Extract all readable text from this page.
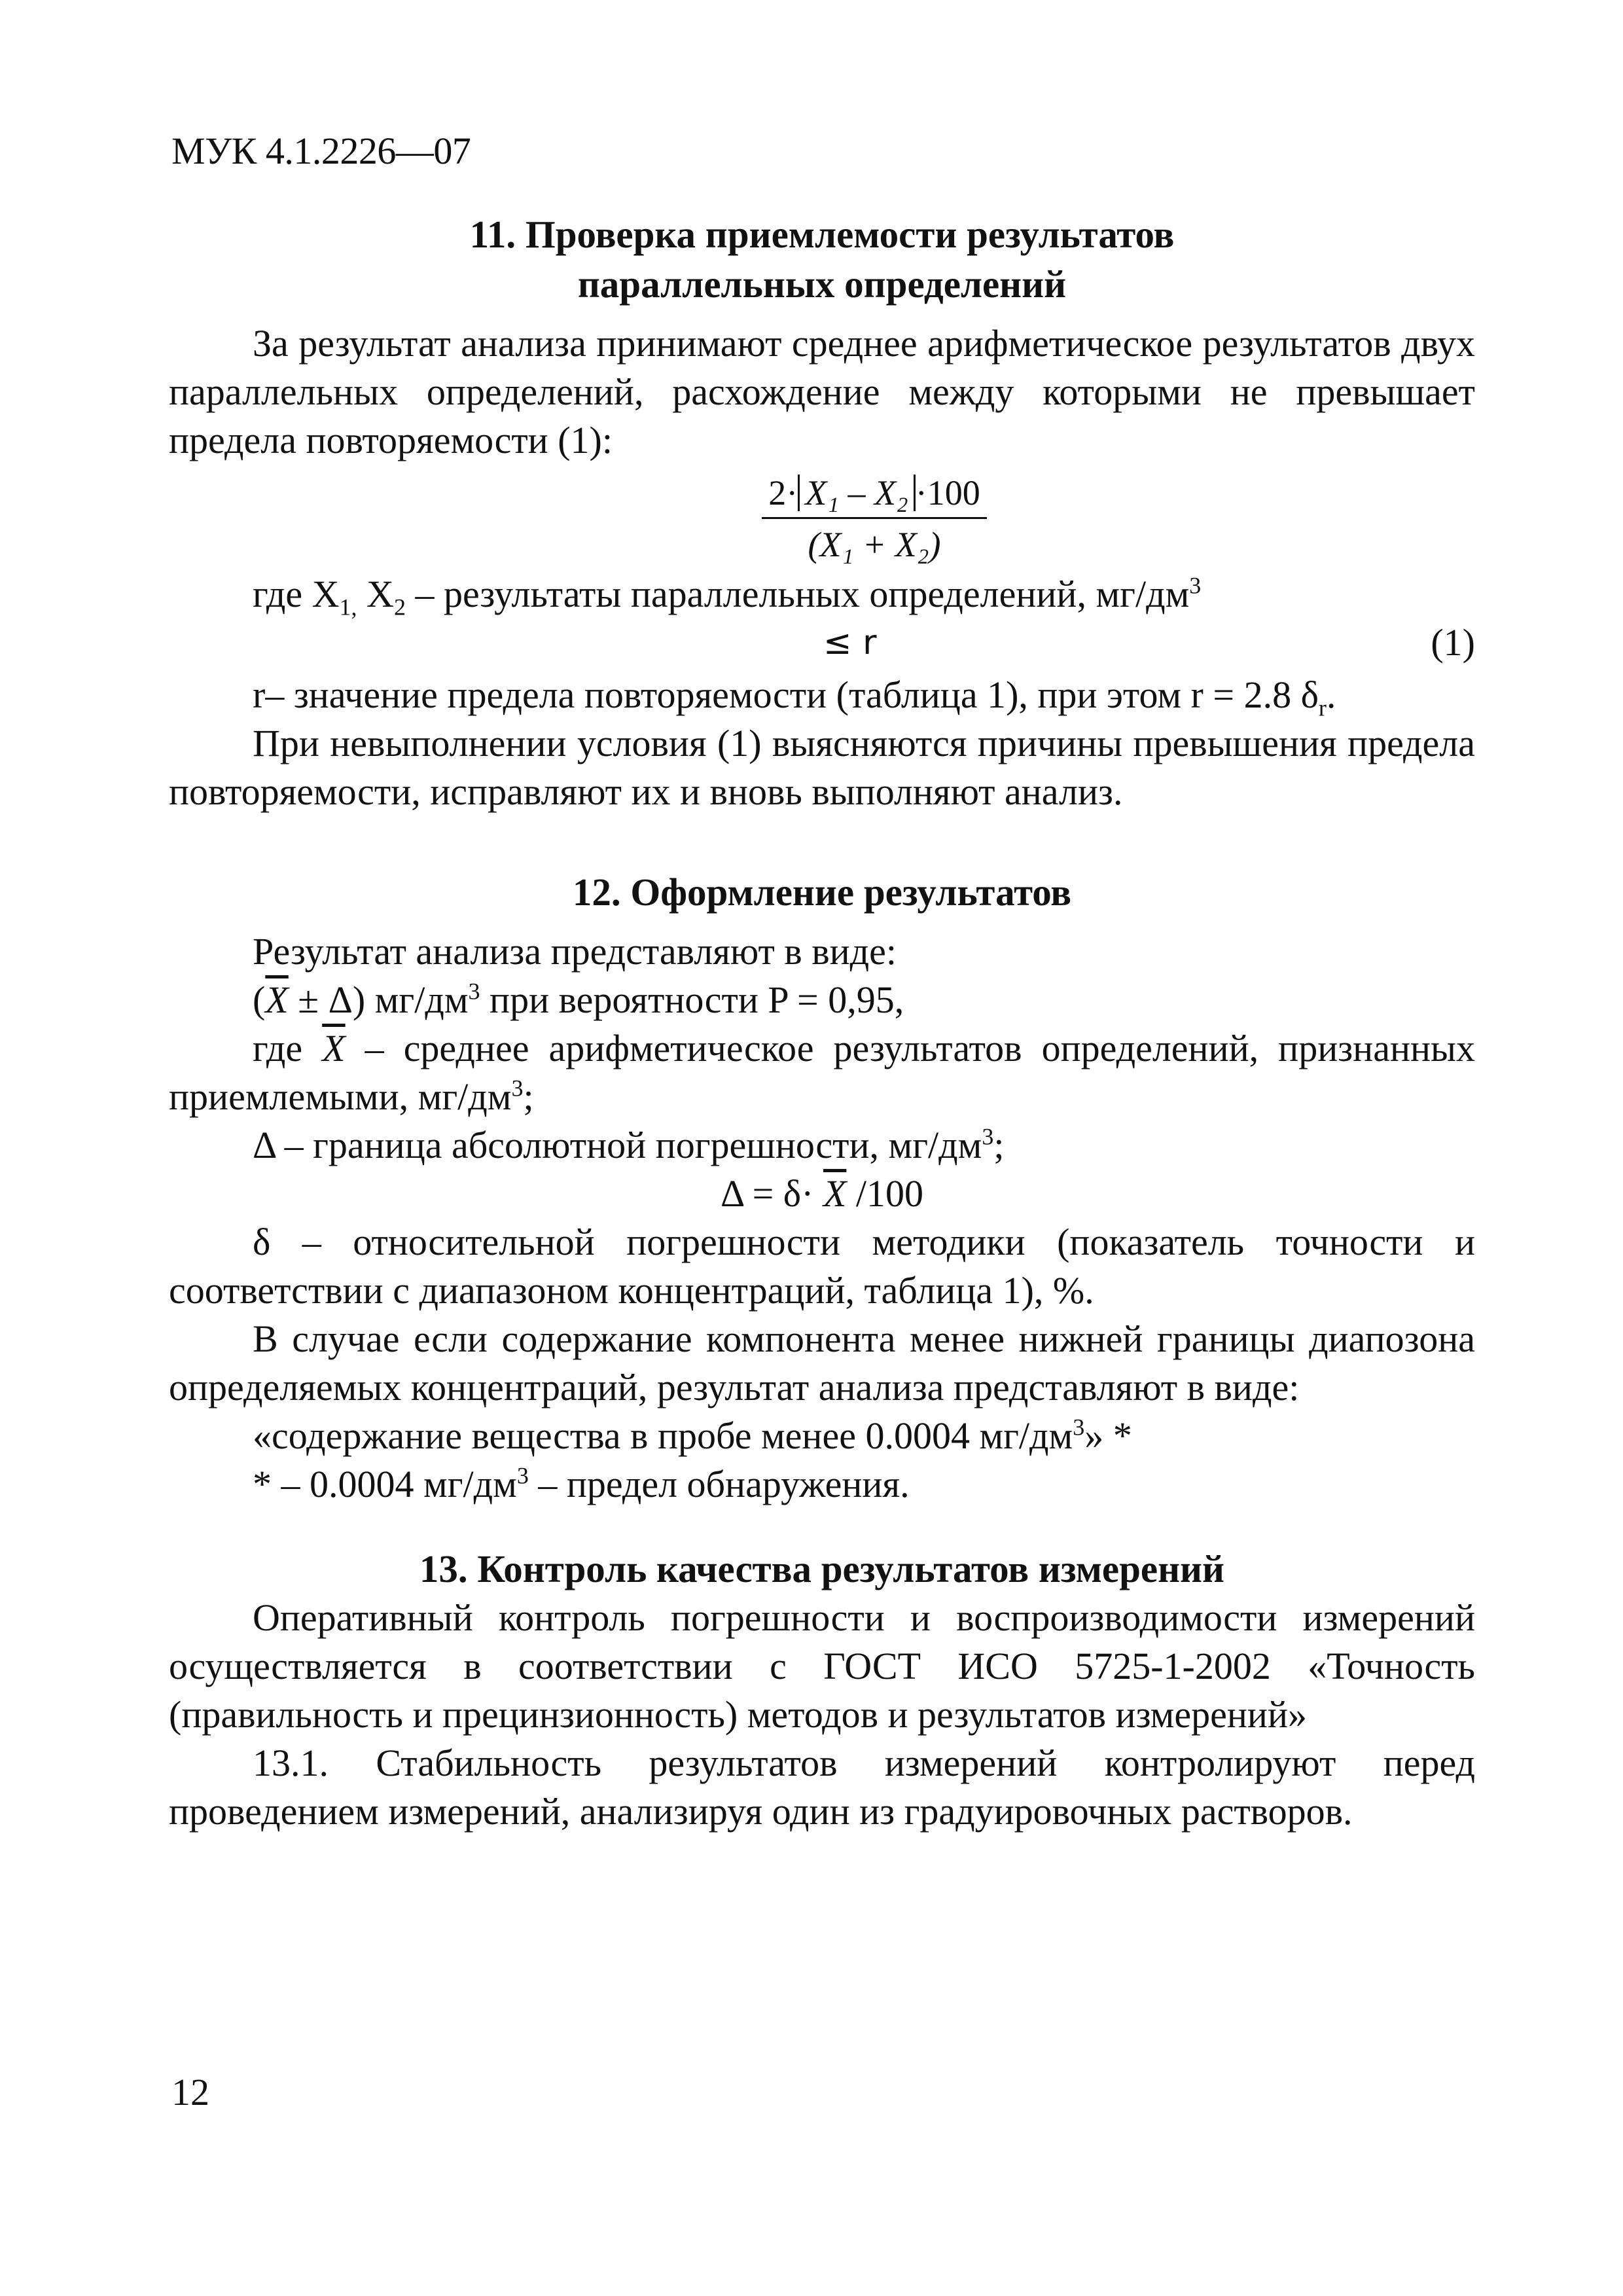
МУК 4.1.2226—07

11. Проверка приемлемости результатов

параллельных определений

За результат анализа принимают среднее арифметическое результатов двух параллельных определений, расхождение между которыми не превышает предела повторяемости (1):

$\frac{\text{2· X₁ – X₂ ·100}}{\text{(X₁ + X₂)}}$

где $X_{1,}$ $X_2$ – результаты параллельных определений, $мг/дм^3$

≤ r	(1)

r– значение предела повторяемости (таблица 1), при этом r = 2.8 $\delta_r$.

При невыполнении условия (1) выясняются причины превышения предела повторяемости, исправляют их и вновь выполняют анализ.

12. Оформление результатов

Результат анализа представляют в виде:

$(\overline{X} \pm \Delta)$ $мг/дм^3$ при вероятности P = 0,95,

где $\overline{X}$ – среднее арифметическое результатов определений, признанных приемлемыми, $мг/дм^3$;

Δ – граница абсолютной погрешности, $мг/дм^3$;

$\Delta = \delta\cdot \overline{X}$ /100

δ – относительной погрешности методики (показатель точности и соответствии с диапазоном концентраций, таблица 1), %.

В случае если содержание компонента менее нижней границы диапозона определяемых концентраций, результат анализа представляют в виде:

«содержание вещества в пробе менее 0.0004 $мг/дм^3$» *

* – 0.0004 $мг/дм^3$ – предел обнаружения.

13. Контроль качества результатов измерений

Оперативный контроль погрешности и воспроизводимости измерений осуществляется в соответствии с ГОСТ ИСО 5725-1-2002 «Точность (правильность и прецинзионность) методов и результатов измерений»

13.1. Стабильность результатов измерений контролируют перед проведением измерений, анализируя один из градуировочных растворов.

12
